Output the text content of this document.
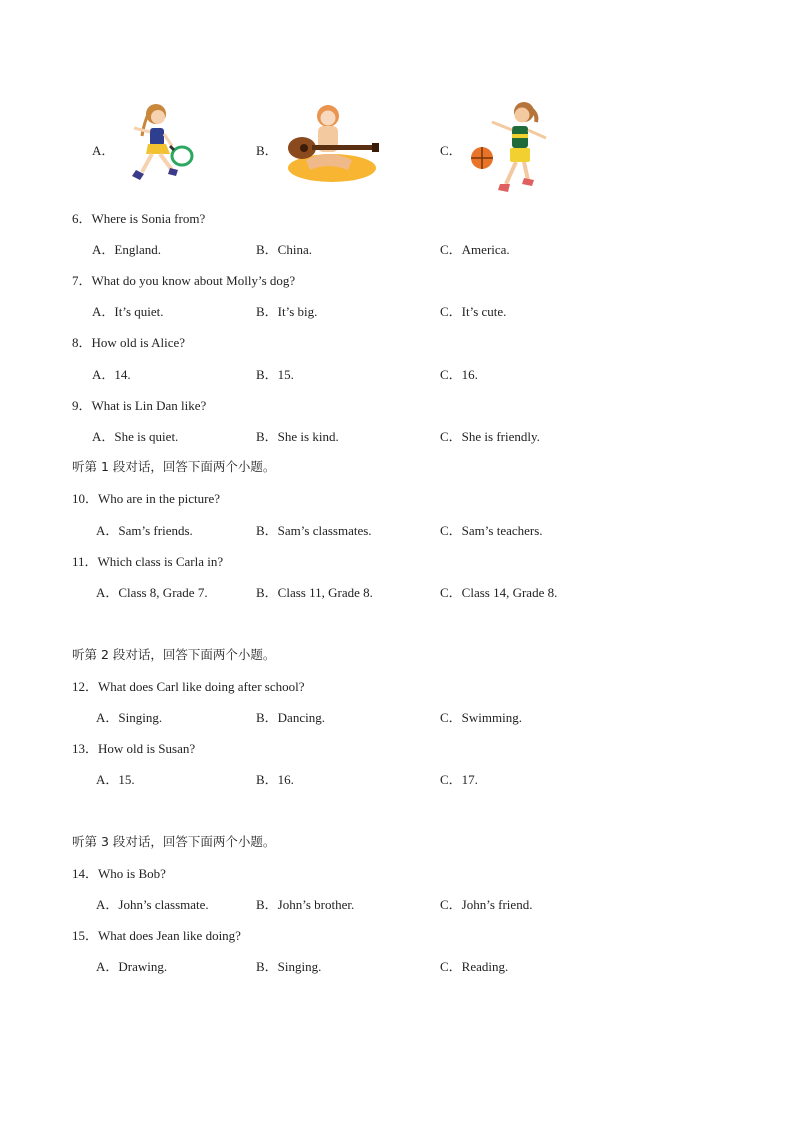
A．	B．	C．
6．Where is Sonia from?
A．England.	B．China.	C．America.
7．What do you know about Molly’s dog?
A．It’s quiet.	B．It’s big.	C．It’s cute.
8．How old is Alice?
A．14.	B．15.	C．16.
9．What is Lin Dan like?
A．She is quiet.	B．She is kind.	C．She is friendly.
听第 1 段对话，回答下面两个小题。
10．Who are in the picture?
A．Sam’s friends.	B．Sam’s classmates.	C．Sam’s teachers.
11．Which class is Carla in?
A．Class 8, Grade 7.	B．Class 11, Grade 8.	C．Class 14, Grade 8.
听第 2 段对话，回答下面两个小题。
12．What does Carl like doing after school?
A．Singing.	B．Dancing.	C．Swimming.
13．How old is Susan?
A．15.	B．16.	C．17.
听第 3 段对话，回答下面两个小题。
14．Who is Bob?
A．John’s classmate.	B．John’s brother.	C．John’s friend.
15．What does Jean like doing?
A．Drawing.	B．Singing.	C．Reading.
